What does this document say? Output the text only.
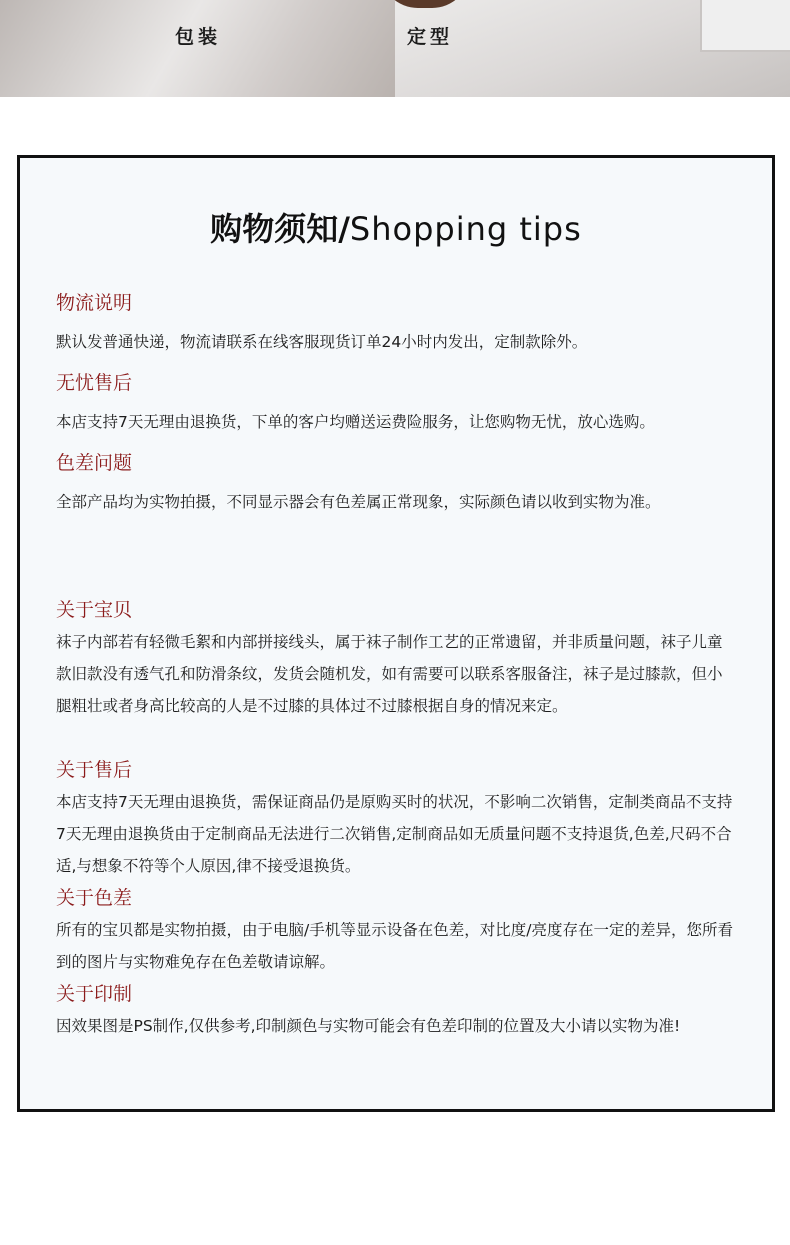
包装	定型
购物须知/Shopping tips
物流说明
默认发普通快递，物流请联系在线客服现货订单24小时内发出，定制款除外。
无忧售后
本店支持7天无理由退换货，下单的客户均赠送运费险服务，让您购物无忧，放心选购。
色差问题
全部产品均为实物拍摄，不同显示器会有色差属正常现象，实际颜色请以收到实物为准。
关于宝贝
袜子内部若有轻微毛絮和内部拼接线头，属于袜子制作工艺的正常遗留，并非质量问题，袜子儿童款旧款没有透气孔和防滑条纹，发货会随机发，如有需要可以联系客服备注，袜子是过膝款，但小腿粗壮或者身高比较高的人是不过膝的具体过不过膝根据自身的情况来定。
关于售后
本店支持7天无理由退换货，需保证商品仍是原购买时的状况，不影响二次销售，定制类商品不支持7天无理由退换货由于定制商品无法进行二次销售,定制商品如无质量问题不支持退货,色差,尺码不合适,与想象不符等个人原因,律不接受退换货。
关于色差
所有的宝贝都是实物拍摄，由于电脑/手机等显示设备在色差，对比度/亮度存在一定的差异，您所看到的图片与实物难免存在色差敬请谅解。
关于印制
因效果图是PS制作,仅供参考,印制颜色与实物可能会有色差印制的位置及大小请以实物为准!
